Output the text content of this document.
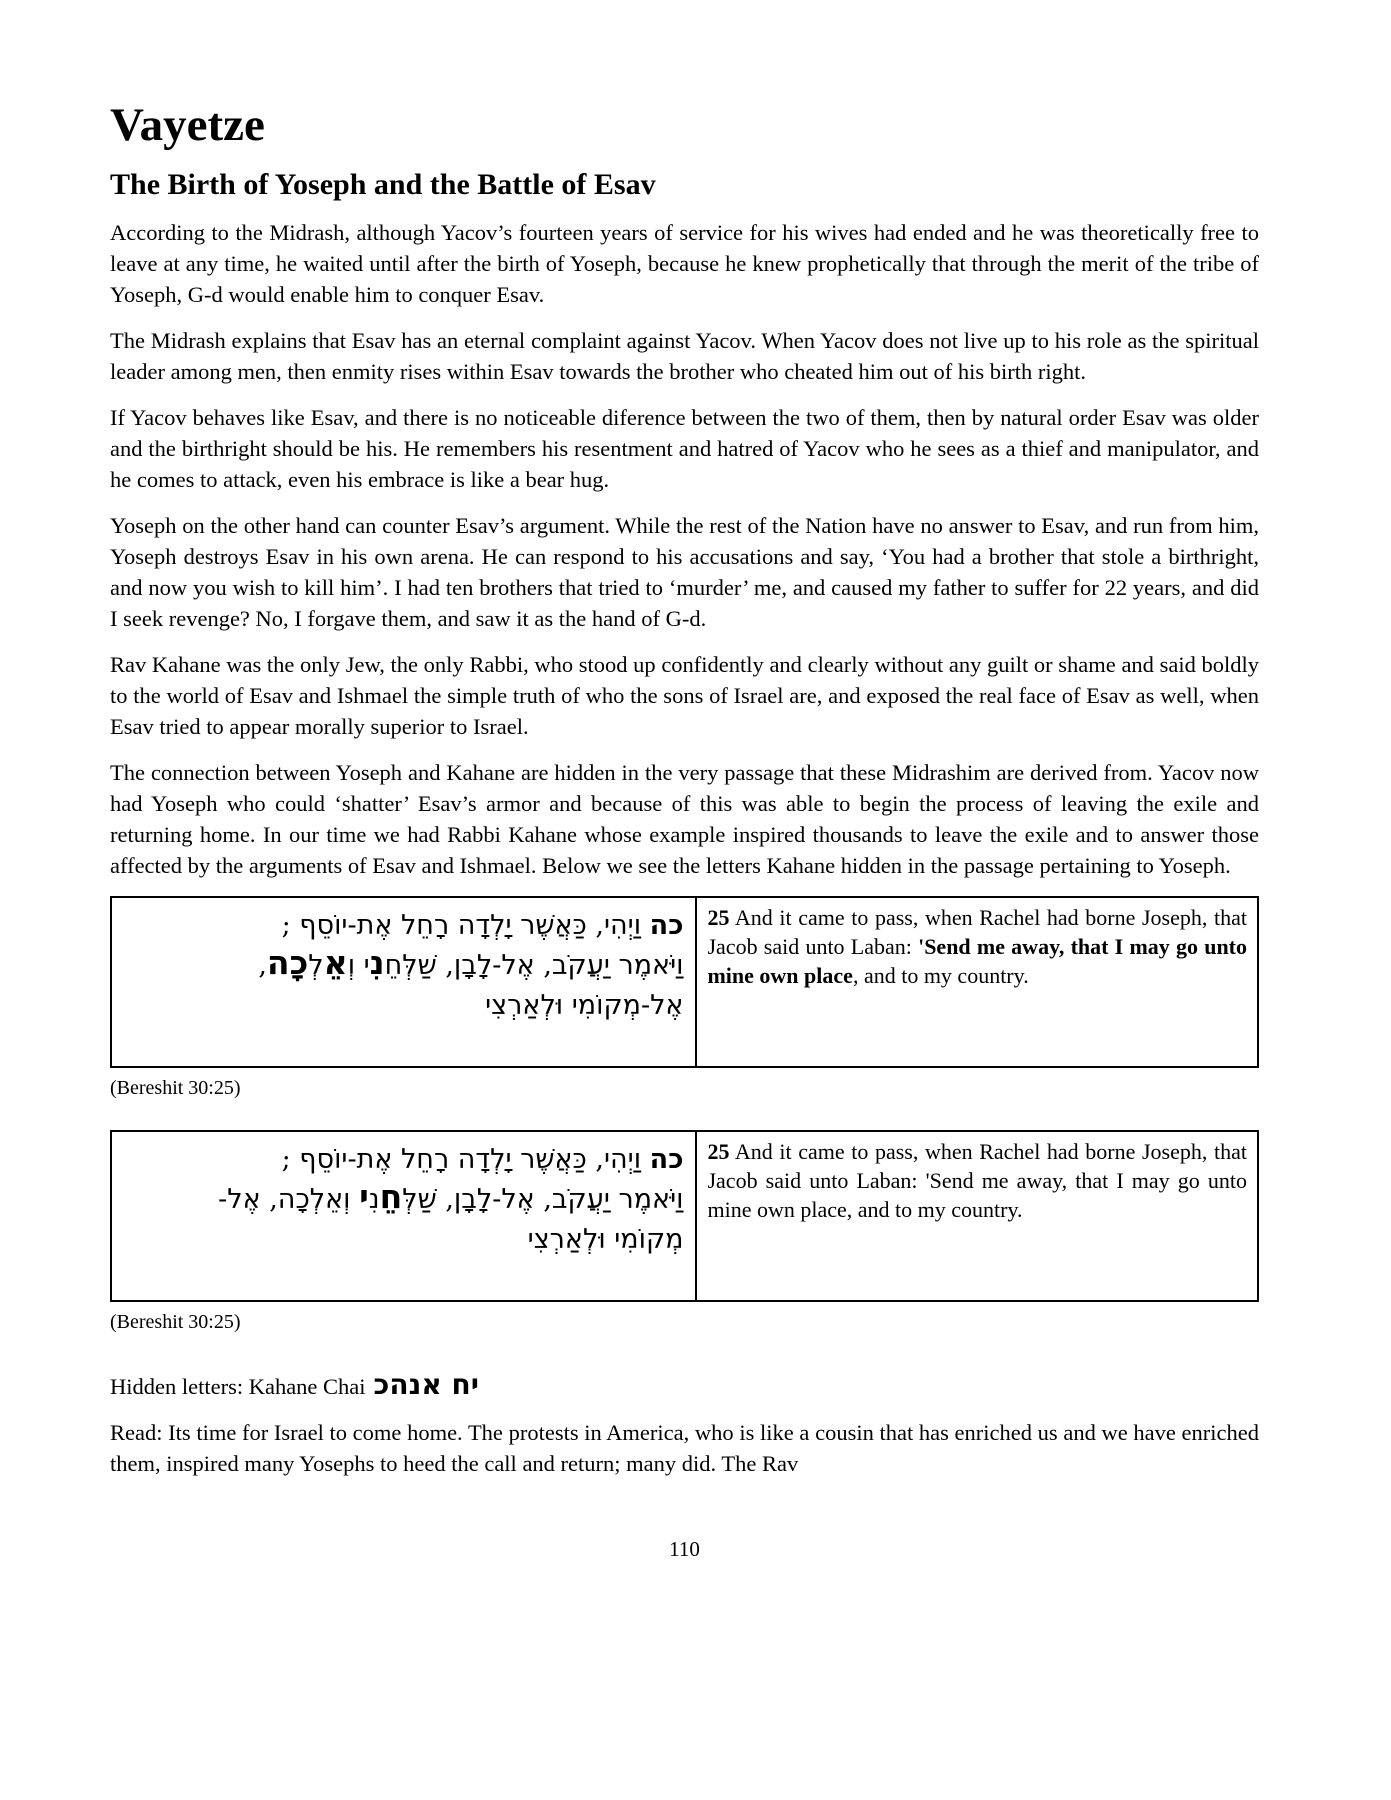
Vayetze
The Birth of Yoseph and the Battle of Esav

According to the Midrash, although Yacov’s fourteen years of service for his wives had ended and he was theoretically free to leave at any time, he waited until after the birth of Yoseph, because he knew prophetically that through the merit of the tribe of Yoseph, G-d would enable him to conquer Esav.

The Midrash explains that Esav has an eternal complaint against Yacov. When Yacov does not live up to his role as the spiritual leader among men, then enmity rises within Esav towards the brother who cheated him out of his birth right.

If Yacov behaves like Esav, and there is no noticeable diference between the two of them, then by natural order Esav was older and the birthright should be his. He remembers his resentment and hatred of Yacov who he sees as a thief and manipulator, and he comes to attack, even his embrace is like a bear hug.

Yoseph on the other hand can counter Esav’s argument. While the rest of the Nation have no answer to Esav, and run from him, Yoseph destroys Esav in his own arena. He can respond to his accusations and say, ‘You had a brother that stole a birthright, and now you wish to kill him’. I had ten brothers that tried to ‘murder’ me, and caused my father to suffer for 22 years, and did I seek revenge? No, I forgave them, and saw it as the hand of G-d.

Rav Kahane was the only Jew, the only Rabbi, who stood up confidently and clearly without any guilt or shame and said boldly to the world of Esav and Ishmael the simple truth of who the sons of Israel are, and exposed the real face of Esav as well, when Esav tried to appear morally superior to Israel.

The connection between Yoseph and Kahane are hidden in the very passage that these Midrashim are derived from. Yacov now had Yoseph who could ‘shatter’ Esav’s armor and because of this was able to begin the process of leaving the exile and returning home. In our time we had Rabbi Kahane whose example inspired thousands to leave the exile and to answer those affected by the arguments of Esav and Ishmael. Below we see the letters Kahane hidden in the passage pertaining to Yoseph.

כה וַיְהִי, כַּאֲשֶׁר יָלְדָה רָחֵל אֶת-יוֹסֵף ;
וַיֹּאמֶר יַעֲקֹב, אֶל-לָבָן, שַׁלְּחֵנִי וְאֵלְכָה,
אֶל-מְקוֹמִי וּלְאַרְצִי
	25 And it came to pass, when Rachel had borne Joseph, that Jacob said unto Laban: 'Send me away, that I may go unto mine own place, and to my country.
(Bereshit 30:25)
כה וַיְהִי, כַּאֲשֶׁר יָלְדָה רָחֵל אֶת-יוֹסֵף ;
וַיֹּאמֶר יַעֲקֹב, אֶל-לָבָן, שַׁלְּחֵנִי וְאֵלְכָה, אֶל-
מְקוֹמִי וּלְאַרְצִי
	25 And it came to pass, when Rachel had borne Joseph, that Jacob said unto Laban: 'Send me away, that I may go unto mine own place, and to my country.
(Bereshit 30:25)

Hidden letters: Kahane Chai כהנא חי

Read: Its time for Israel to come home. The protests in America, who is like a cousin that has enriched us and we have enriched them, inspired many Yosephs to heed the call and return; many did. The Rav

110
